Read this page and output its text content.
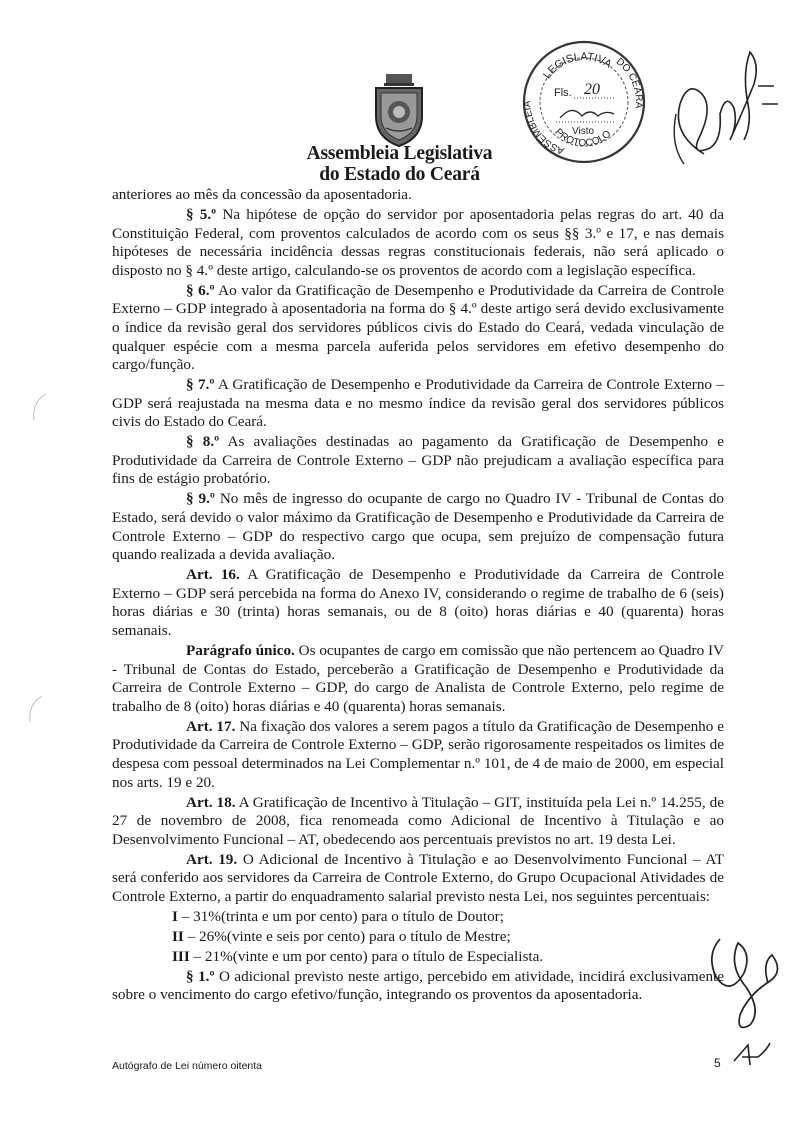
Assembleia Legislativa
do Estado do Ceará
LEGISLATIVA
ASSEMBLEIA
DO CEARÁ
PROTOCOLO
Fls. 20
Visto

anteriores ao mês da concessão da aposentadoria.

§ 5.º Na hipótese de opção do servidor por aposentadoria pelas regras do art. 40 da Constituição Federal, com proventos calculados de acordo com os seus §§ 3.º e 17, e nas demais hipóteses de necessária incidência dessas regras constitucionais federais, não será aplicado o disposto no § 4.º deste artigo, calculando-se os proventos de acordo com a legislação específica.

§ 6.º Ao valor da Gratificação de Desempenho e Produtividade da Carreira de Controle Externo – GDP integrado à aposentadoria na forma do § 4.º deste artigo será devido exclusivamente o índice da revisão geral dos servidores públicos civis do Estado do Ceará, vedada vinculação de qualquer espécie com a mesma parcela auferida pelos servidores em efetivo desempenho do cargo/função.

§ 7.º A Gratificação de Desempenho e Produtividade da Carreira de Controle Externo – GDP será reajustada na mesma data e no mesmo índice da revisão geral dos servidores públicos civis do Estado do Ceará.

§ 8.º As avaliações destinadas ao pagamento da Gratificação de Desempenho e Produtividade da Carreira de Controle Externo – GDP não prejudicam a avaliação específica para fins de estágio probatório.

§ 9.º No mês de ingresso do ocupante de cargo no Quadro IV - Tribunal de Contas do Estado, será devido o valor máximo da Gratificação de Desempenho e Produtividade da Carreira de Controle Externo – GDP do respectivo cargo que ocupa, sem prejuízo de compensação futura quando realizada a devida avaliação.

Art. 16. A Gratificação de Desempenho e Produtividade da Carreira de Controle Externo – GDP será percebida na forma do Anexo IV, considerando o regime de trabalho de 6 (seis) horas diárias e 30 (trinta) horas semanais, ou de 8 (oito) horas diárias e 40 (quarenta) horas semanais.

Parágrafo único. Os ocupantes de cargo em comissão que não pertencem ao Quadro IV - Tribunal de Contas do Estado, perceberão a Gratificação de Desempenho e Produtividade da Carreira de Controle Externo – GDP, do cargo de Analista de Controle Externo, pelo regime de trabalho de 8 (oito) horas diárias e 40 (quarenta) horas semanais.

Art. 17. Na fixação dos valores a serem pagos a título da Gratificação de Desempenho e Produtividade da Carreira de Controle Externo – GDP, serão rigorosamente respeitados os limites de despesa com pessoal determinados na Lei Complementar n.º 101, de 4 de maio de 2000, em especial nos arts. 19 e 20.

Art. 18. A Gratificação de Incentivo à Titulação – GIT, instituída pela Lei n.º 14.255, de 27 de novembro de 2008, fica renomeada como Adicional de Incentivo à Titulação e ao Desenvolvimento Funcional – AT, obedecendo aos percentuais previstos no art. 19 desta Lei.

Art. 19. O Adicional de Incentivo à Titulação e ao Desenvolvimento Funcional – AT será conferido aos servidores da Carreira de Controle Externo, do Grupo Ocupacional Atividades de Controle Externo, a partir do enquadramento salarial previsto nesta Lei, nos seguintes percentuais:

I – 31%(trinta e um por cento) para o título de Doutor;

II – 26%(vinte e seis por cento) para o título de Mestre;

III – 21%(vinte e um por cento) para o título de Especialista.

§ 1.º O adicional previsto neste artigo, percebido em atividade, incidirá exclusivamente sobre o vencimento do cargo efetivo/função, integrando os proventos da aposentadoria.

Autógrafo de Lei número oitenta	5
